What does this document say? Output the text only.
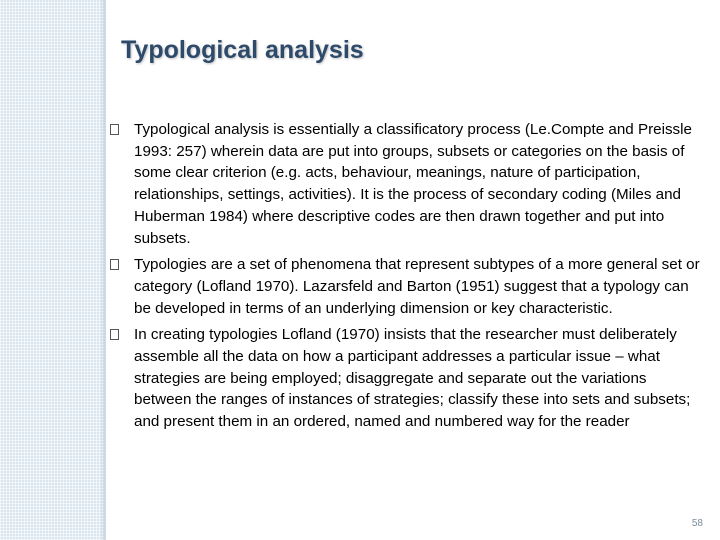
Typological analysis
Typological analysis is essentially a classificatory process (Le.Compte and Preissle 1993: 257) wherein data are put into groups, subsets or categories on the basis of some clear criterion (e.g. acts, behaviour, meanings, nature of participation, relationships, settings, activities). It is the process of secondary coding (Miles and Huberman 1984) where descriptive codes are then drawn together and put into subsets.
Typologies are a set of phenomena that represent subtypes of a more general set or category (Lofland 1970). Lazarsfeld and Barton (1951) suggest that a typology can be developed in terms of an underlying dimension or key characteristic.
In creating typologies Lofland (1970) insists that the researcher must deliberately assemble all the data on how a participant addresses a particular issue – what strategies are being employed; disaggregate and separate out the variations between the ranges of instances of strategies; classify these into sets and subsets; and present them in an ordered, named and numbered way for the reader
58
